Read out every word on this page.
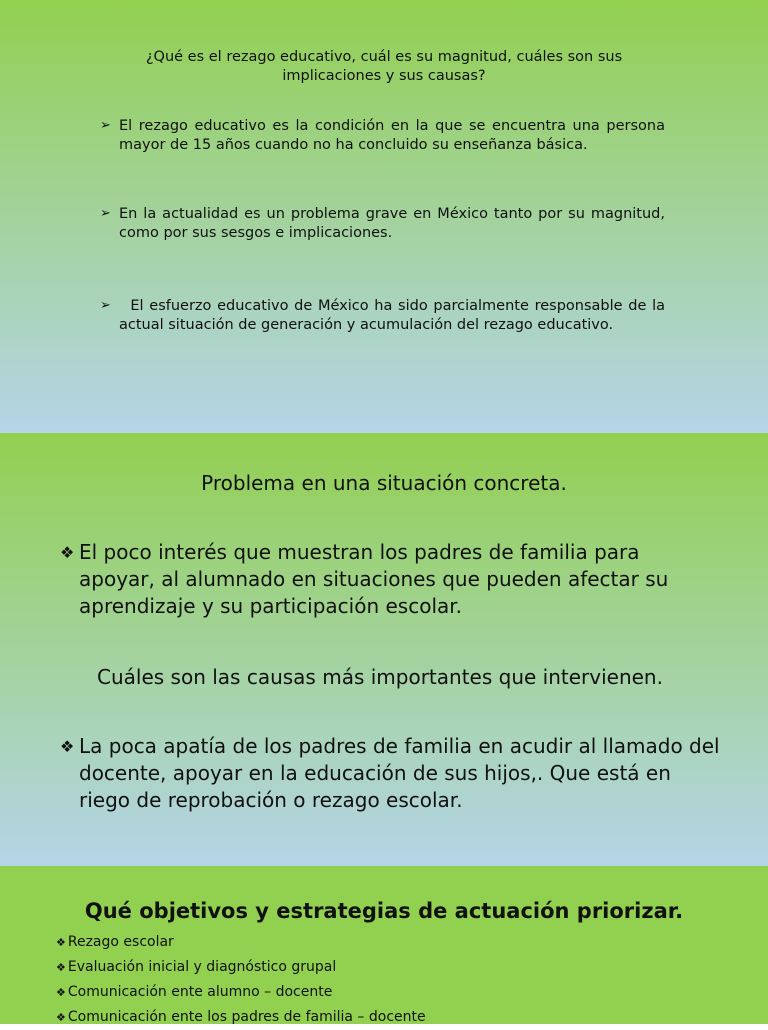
¿Qué es el rezago educativo, cuál es su magnitud, cuáles son sus implicaciones y sus causas?
➢ El rezago educativo es la condición en la que se encuentra una persona mayor de 15 años cuando no ha concluido su enseñanza básica.
➢ En la actualidad es un problema grave en México tanto por su magnitud, como por sus sesgos e implicaciones.
➢ El esfuerzo educativo de México ha sido parcialmente responsable de la actual situación de generación y acumulación del rezago educativo.
Problema en una situación concreta.
❖ El poco interés que muestran los padres de familia para apoyar, al alumnado en situaciones que pueden afectar su aprendizaje y su participación escolar.
Cuáles son las causas más importantes que intervienen.
❖ La poca apatía de los padres de familia en acudir al llamado del docente, apoyar en la educación de sus hijos,. Que está en riego de reprobación o rezago escolar.
Qué objetivos y estrategias de actuación priorizar.
❖ Rezago escolar
❖ Evaluación inicial y diagnóstico grupal
❖ Comunicación ente alumno – docente
❖ Comunicación ente los padres de familia – docente
